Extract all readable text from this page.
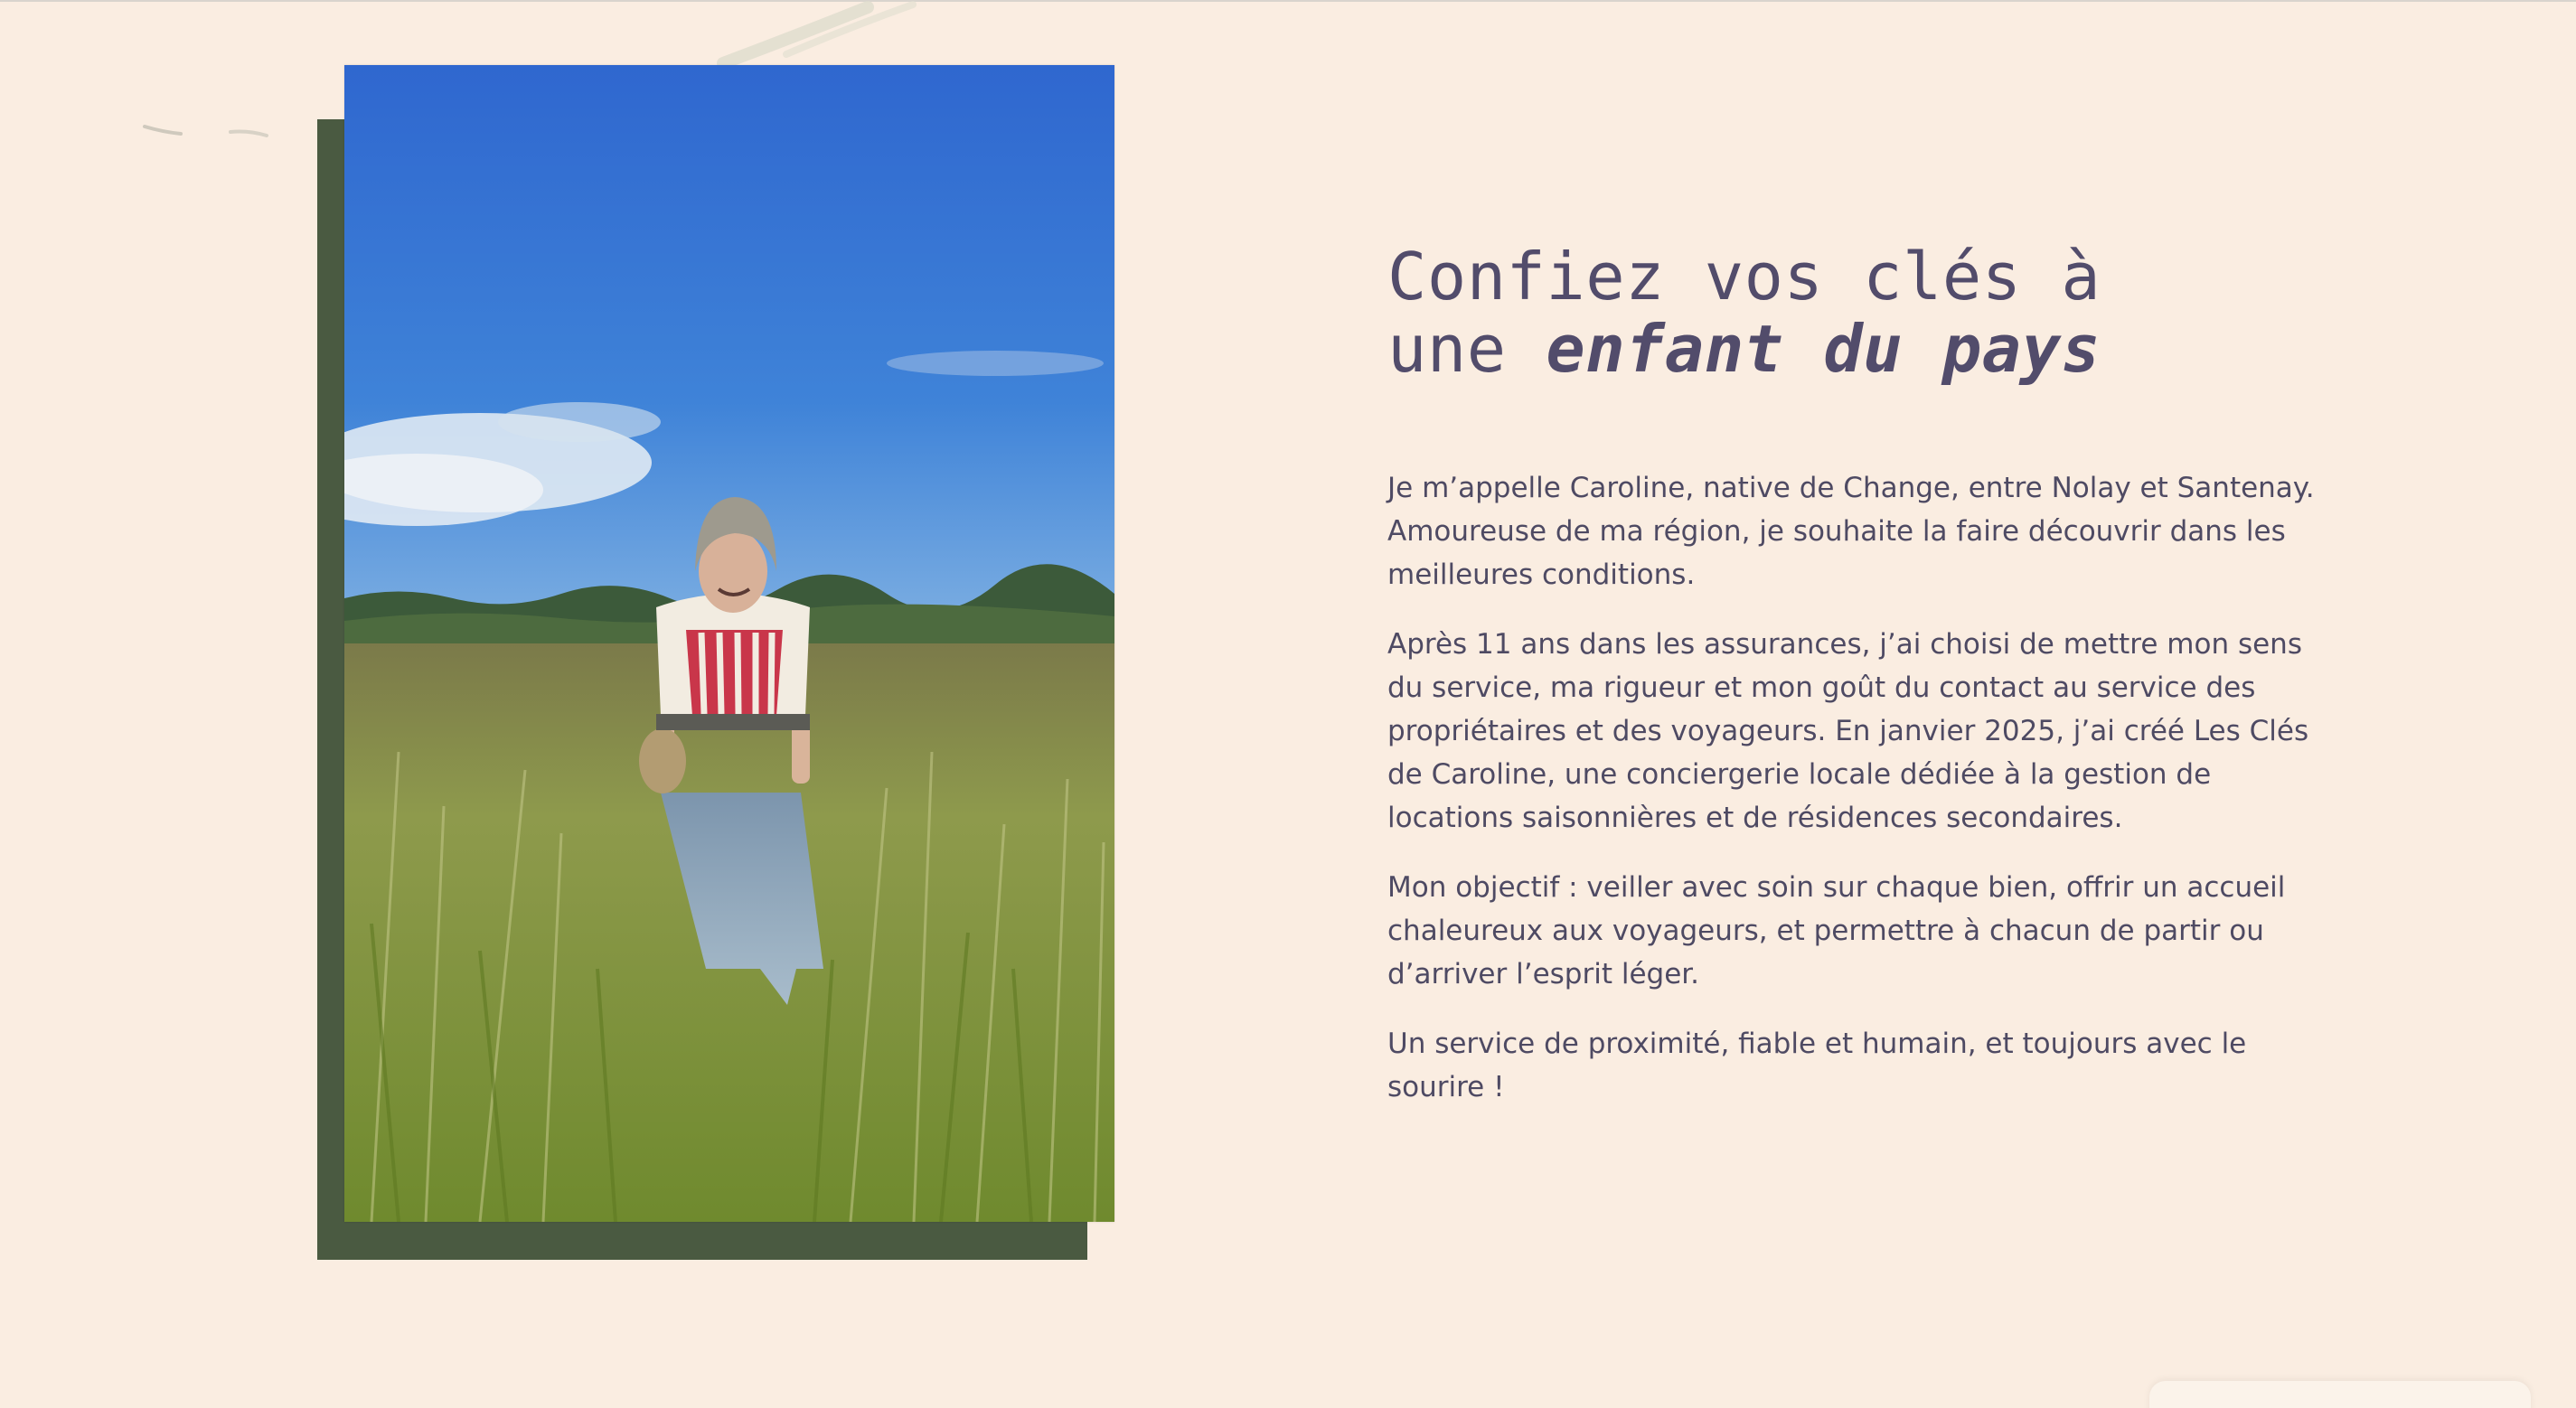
Confiez vos clés à
une enfant du pays

Je m’appelle Caroline, native de Change, entre Nolay et Santenay. Amoureuse de ma région, je souhaite la faire découvrir dans les meilleures conditions.

Après 11 ans dans les assurances, j’ai choisi de mettre mon sens du service, ma rigueur et mon goût du contact au service des propriétaires et des voyageurs. En janvier 2025, j’ai créé Les Clés de Caroline, une conciergerie locale dédiée à la gestion de locations saisonnières et de résidences secondaires.

Mon objectif : veiller avec soin sur chaque bien, offrir un accueil chaleureux aux voyageurs, et permettre à chacun de partir ou d’arriver l’esprit léger.

Un service de proximité, fiable et humain, et toujours avec le sourire !
